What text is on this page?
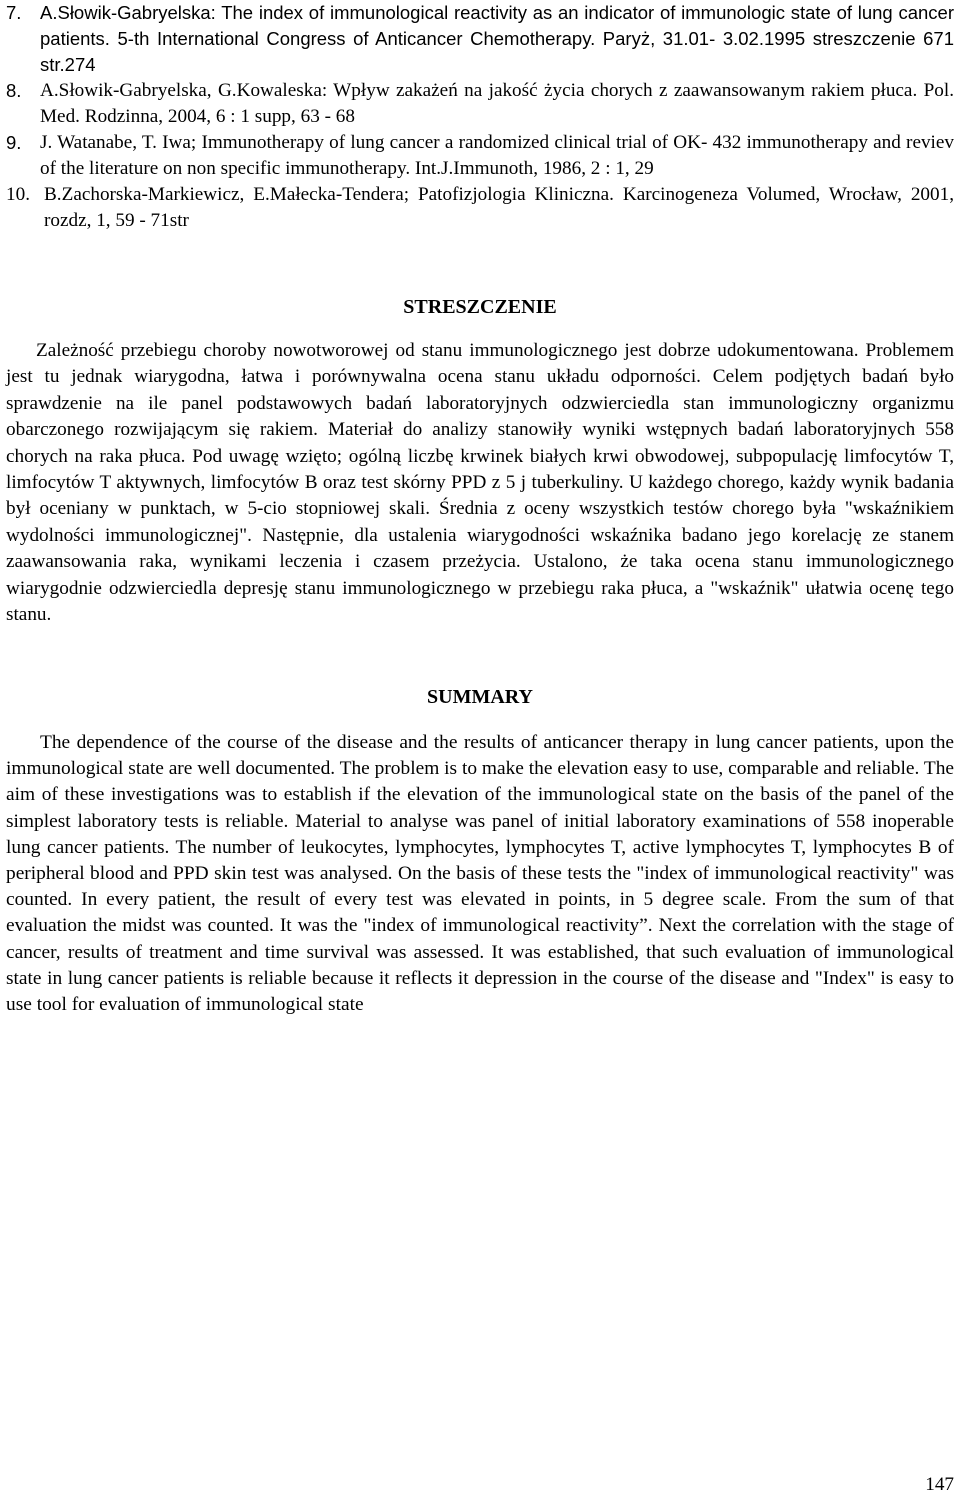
7.	A.Słowik-Gabryelska: The index of immunological reactivity as an indicator of immunologic state of lung cancer patients. 5-th International Congress of Anticancer Chemotherapy. Paryż, 31.01- 3.02.1995 streszczenie 671 str.274
8. A.Słowik-Gabryelska, G.Kowaleska: Wpływ zakażeń na jakość życia chorych z zaawansowanym rakiem płuca. Pol. Med. Rodzinna, 2004, 6 : 1 supp, 63 - 68
9. J. Watanabe, T. Iwa; Immunotherapy of lung cancer a randomized clinical trial of OK- 432 immunotherapy and reviev of the literature on non specific immunotherapy. Int.J.Immunoth, 1986, 2 : 1, 29
10. B.Zachorska-Markiewicz, E.Małecka-Tendera; Patofizjologia Kliniczna. Karcinogeneza Volumed, Wrocław, 2001, rozdz, 1, 59 - 71str
STRESZCZENIE

Zależność przebiegu choroby nowotworowej od stanu immunologicznego jest dobrze udokumentowana. Problemem jest tu jednak wiarygodna, łatwa i porównywalna ocena stanu układu odporności. Celem podjętych badań było sprawdzenie na ile panel podstawowych badań laboratoryjnych odzwierciedla stan immunologiczny organizmu obarczonego rozwijającym się rakiem. Materiał do analizy stanowiły wyniki wstępnych badań laboratoryjnych 558 chorych na raka płuca. Pod uwagę wzięto; ogólną liczbę krwinek białych krwi obwodowej, subpopulację limfocytów T, limfocytów T aktywnych, limfocytów B oraz test skórny PPD z 5 j tuberkuliny. U każdego chorego, każdy wynik badania był oceniany w punktach, w 5-cio stopniowej skali. Średnia z oceny wszystkich testów chorego była "wskaźnikiem wydolności immunologicznej". Następnie, dla ustalenia wiarygodności wskaźnika badano jego korelację ze stanem zaawansowania raka, wynikami leczenia i czasem przeżycia. Ustalono, że taka ocena stanu immunologicznego wiarygodnie odzwierciedla depresję stanu immunologicznego w przebiegu raka płuca, a "wskaźnik" ułatwia ocenę tego stanu.

SUMMARY

The dependence of the course of the disease and the results of anticancer therapy in lung cancer patients, upon the immunological state are well documented. The problem is to make the elevation easy to use, comparable and reliable. The aim of these investigations was to establish if the elevation of the immunological state on the basis of the panel of the simplest laboratory tests is reliable. Material to analyse was panel of initial laboratory examinations of 558 inoperable lung cancer patients. The number of leukocytes, lymphocytes, lymphocytes T, active lymphocytes T, lymphocytes B of peripheral blood and PPD skin test was analysed. On the basis of these tests the "index of immunological reactivity" was counted. In every patient, the result of every test was elevated in points, in 5 degree scale. From the sum of that evaluation the midst was counted. It was the "index of immunological reactivity”. Next the correlation with the stage of cancer, results of treatment and time survival was assessed. It was established, that such evaluation of immunological state in lung cancer patients is reliable because it reflects it depression in the course of the disease and "Index" is easy to use tool for evaluation of immunological state

147
